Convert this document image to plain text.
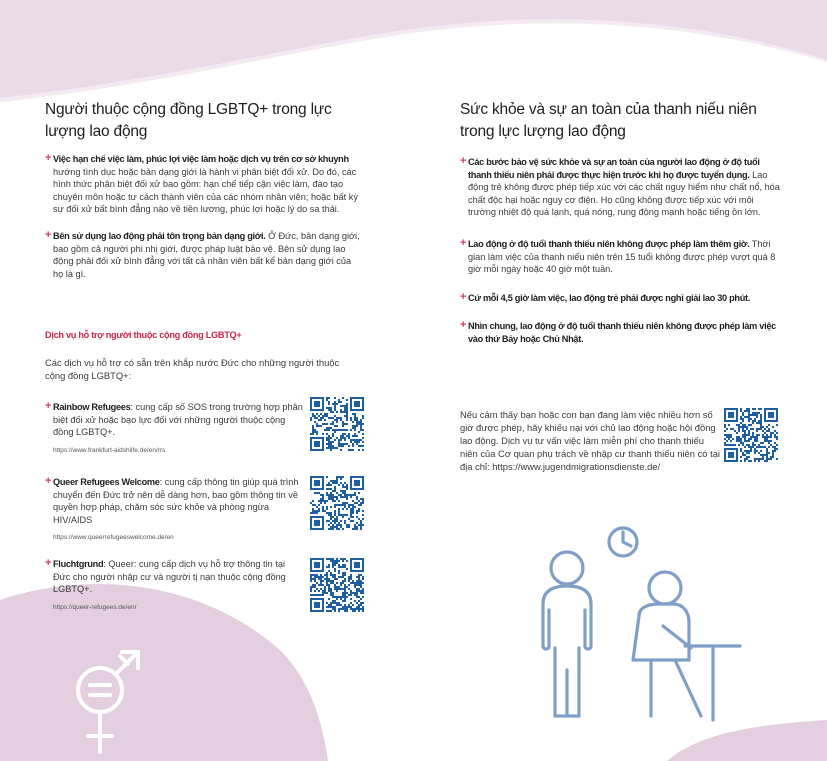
Người thuộc cộng đồng LGBTQ+ trong lực lượng lao động
+ Việc hạn chế việc làm, phúc lợi việc làm hoặc dịch vụ trên cơ sở khuynh
hướng tình dục hoặc bản dạng giới là hành vi phân biệt đối xử. Do đó, các hình thức phân biệt đối xử bao gồm: hạn chế tiếp cận việc làm, đào tạo chuyên môn hoặc tư cách thành viên của các nhóm nhân viên; hoặc bất kỳ sự đối xử bất bình đẳng nào về tiền lương, phúc lợi hoặc lý do sa thải.
+ Bên sử dụng lao động phải tôn trọng bản dạng giới. Ở Đức, bản dạng giới, bao gồm cả người phi nhị giới, được pháp luật bảo vệ. Bên sử dụng lao động phải đối xử bình đẳng với tất cả nhân viên bất kể bản dạng giới của họ là gì.
Dịch vụ hỗ trợ người thuộc cộng đồng LGBTQ+
Các dịch vụ hỗ trợ có sẵn trên khắp nước Đức cho những người thuộc cộng đồng LGBTQ+:
+ Rainbow Refugees: cung cấp số SOS trong trường hợp phân biệt đối xử hoặc bạo lực đối với những người thuộc cộng đồng LGBTQ+.
https://www.frankfurt-aidshilfe.de/en/rrs
+ Queer Refugees Welcome: cung cấp thông tin giúp quá trình chuyển đến Đức trở nên dễ dàng hơn, bao gồm thông tin về quyền hợp pháp, chăm sóc sức khỏe và phòng ngừa HIV/AIDS
https://www.queerrefugeeswelcome.de/en
+ Fluchtgrund: Queer: cung cấp dịch vụ hỗ trợ thông tin tại Đức cho người nhập cư và người tị nạn thuộc cộng đồng LGBTQ+.
https://queer-refugees.de/en/
Sức khỏe và sự an toàn của thanh niếu niên trong lực lượng lao động
+ Các bước bảo vệ sức khỏe và sự an toàn của người lao động ở độ tuổi thanh thiếu niên phải được thực hiện trước khi họ được tuyển dụng. Lao động trẻ không được phép tiếp xúc với các chất nguy hiểm như chất nổ, hóa chất độc hại hoặc nguy cơ điện. Họ cũng không được tiếp xúc với môi trường nhiệt độ quá lạnh, quá nóng, rung động mạnh hoặc tiếng ồn lớn.
+ Lao động ở độ tuổi thanh thiếu niên không được phép làm thêm giờ. Thời gian làm việc của thanh niếu niên trên 15 tuổi không được phép vượt quá 8 giờ mỗi ngày hoặc 40 giờ một tuần.
+ Cứ mỗi 4,5 giờ làm việc, lao động trẻ phải được nghỉ giải lao 30 phút.
+ Nhìn chung, lao động ở độ tuổi thanh thiếu niên không được phép làm việc vào thứ Bảy hoặc Chủ Nhật.
Nếu cảm thấy bạn hoặc con bạn đang làm việc nhiều hơn số giờ được phép, hãy khiếu nại với chủ lao động hoặc hội đồng lao động. Dịch vụ tư vấn việc làm miễn phí cho thanh thiếu niên của Cơ quan phụ trách về nhập cư thanh thiếu niên có tại địa chỉ: https://www.jugendmigrationsdienste.de/
